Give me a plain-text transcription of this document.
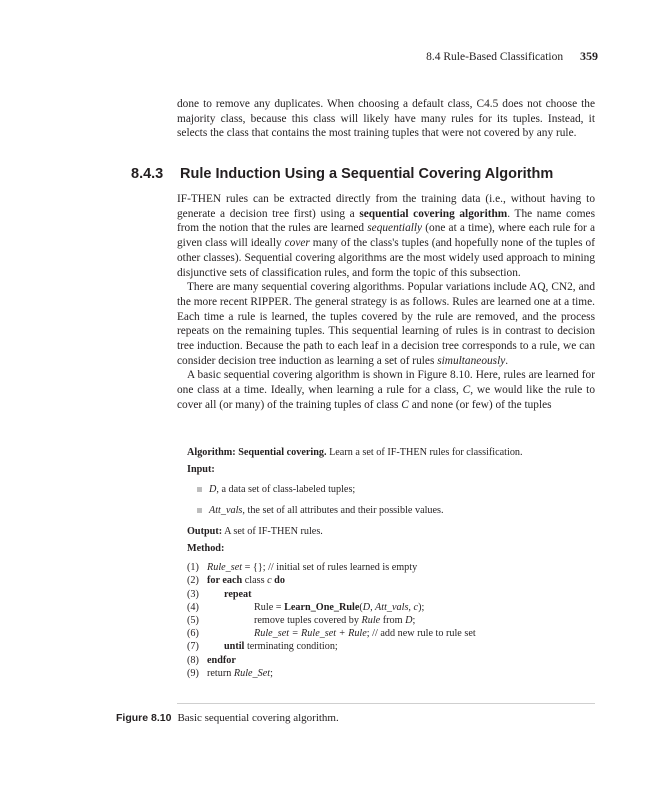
8.4 Rule-Based Classification 359

done to remove any duplicates. When choosing a default class, C4.5 does not choose the majority class, because this class will likely have many rules for its tuples. Instead, it selects the class that contains the most training tuples that were not covered by any rule.

8.4.3 Rule Induction Using a Sequential Covering Algorithm

IF-THEN rules can be extracted directly from the training data (i.e., without having to generate a decision tree first) using a sequential covering algorithm. The name comes from the notion that the rules are learned sequentially (one at a time), where each rule for a given class will ideally cover many of the class's tuples (and hopefully none of the tuples of other classes). Sequential covering algorithms are the most widely used approach to mining disjunctive sets of classification rules, and form the topic of this subsection.

There are many sequential covering algorithms. Popular variations include AQ, CN2, and the more recent RIPPER. The general strategy is as follows. Rules are learned one at a time. Each time a rule is learned, the tuples covered by the rule are removed, and the process repeats on the remaining tuples. This sequential learning of rules is in contrast to decision tree induction. Because the path to each leaf in a decision tree corresponds to a rule, we can consider decision tree induction as learning a set of rules simultaneously.

A basic sequential covering algorithm is shown in Figure 8.10. Here, rules are learned for one class at a time. Ideally, when learning a rule for a class, C, we would like the rule to cover all (or many) of the training tuples of class C and none (or few) of the tuples

Algorithm: Sequential covering. Learn a set of IF-THEN rules for classification.
Input:
D, a data set of class-labeled tuples;
Att_vals, the set of all attributes and their possible values.
Output: A set of IF-THEN rules.
Method:
(1) Rule_set = {}; // initial set of rules learned is empty
(2) for each class c do
(3)	repeat
(4)	Rule = Learn_One_Rule(D, Att_vals, c);
(5)	remove tuples covered by Rule from D;
(6)	Rule_set = Rule_set + Rule; // add new rule to rule set
(7)	until terminating condition;
(8) endfor
(9) return Rule_Set;
Figure 8.10 Basic sequential covering algorithm.
